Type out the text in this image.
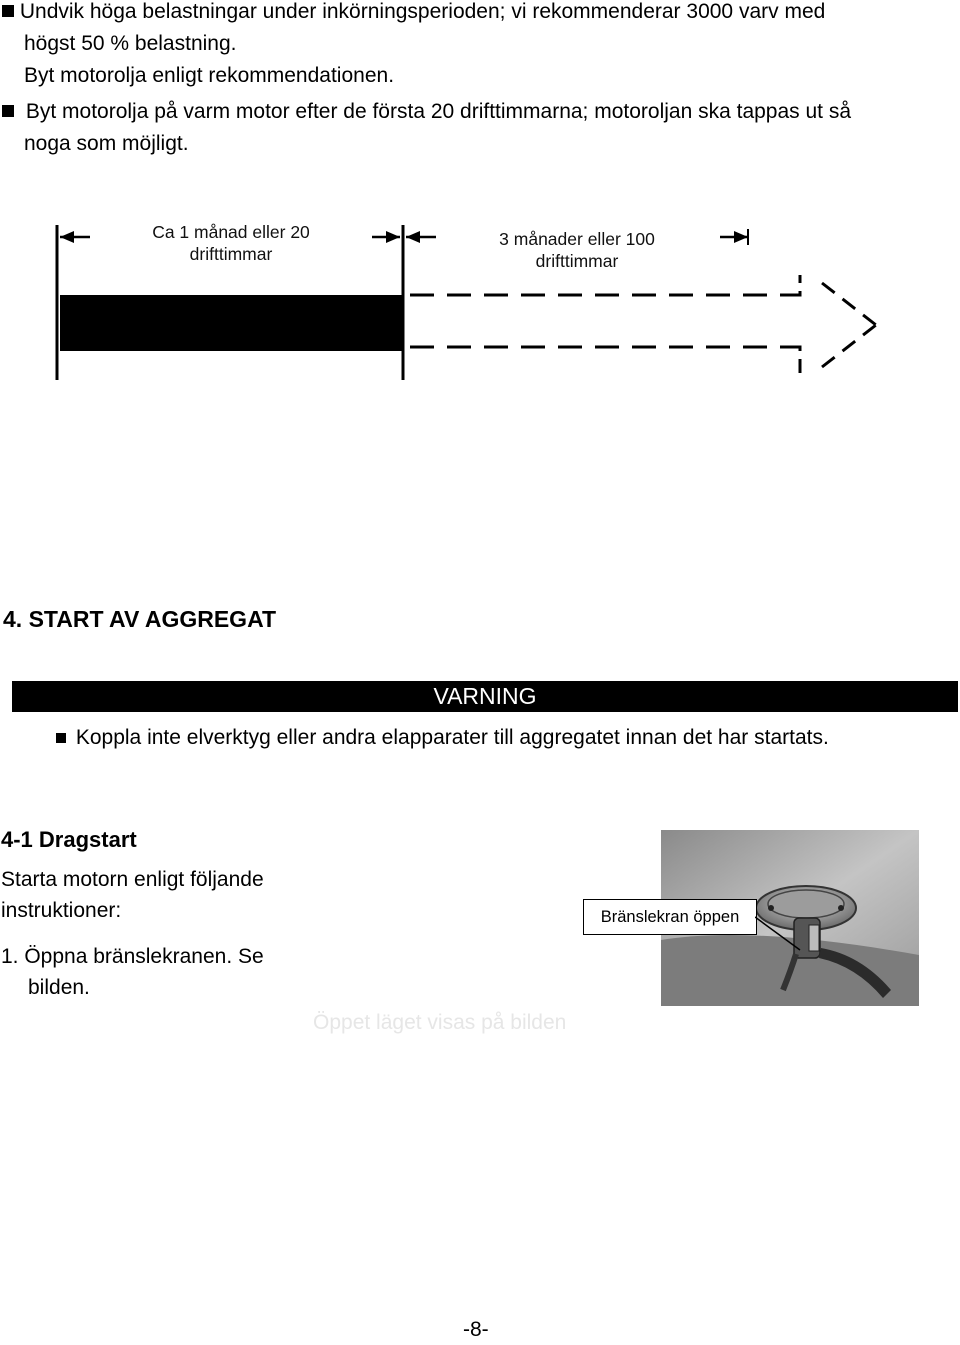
Undvik höga belastningar under inkörningsperioden; vi rekommenderar 3000 varv med
högst 50 % belastning.
Byt motorolja enligt rekommendationen.
Byt motorolja på varm motor efter de första 20 drifttimmarna; motoroljan ska tappas ut så
noga som möjligt.
Ca 1 månad eller 20
drifttimmar
3 månader eller 100
drifttimmar
4. START AV AGGREGAT
VARNING
Koppla inte elverktyg eller andra elapparater till aggregatet innan det har startats.
4-1 Dragstart
Starta motorn enligt följande
instruktioner:
1. Öppna bränslekranen. Se
bilden.
Bränslekran öppen
Öppet läget visas på bilden
-8-
